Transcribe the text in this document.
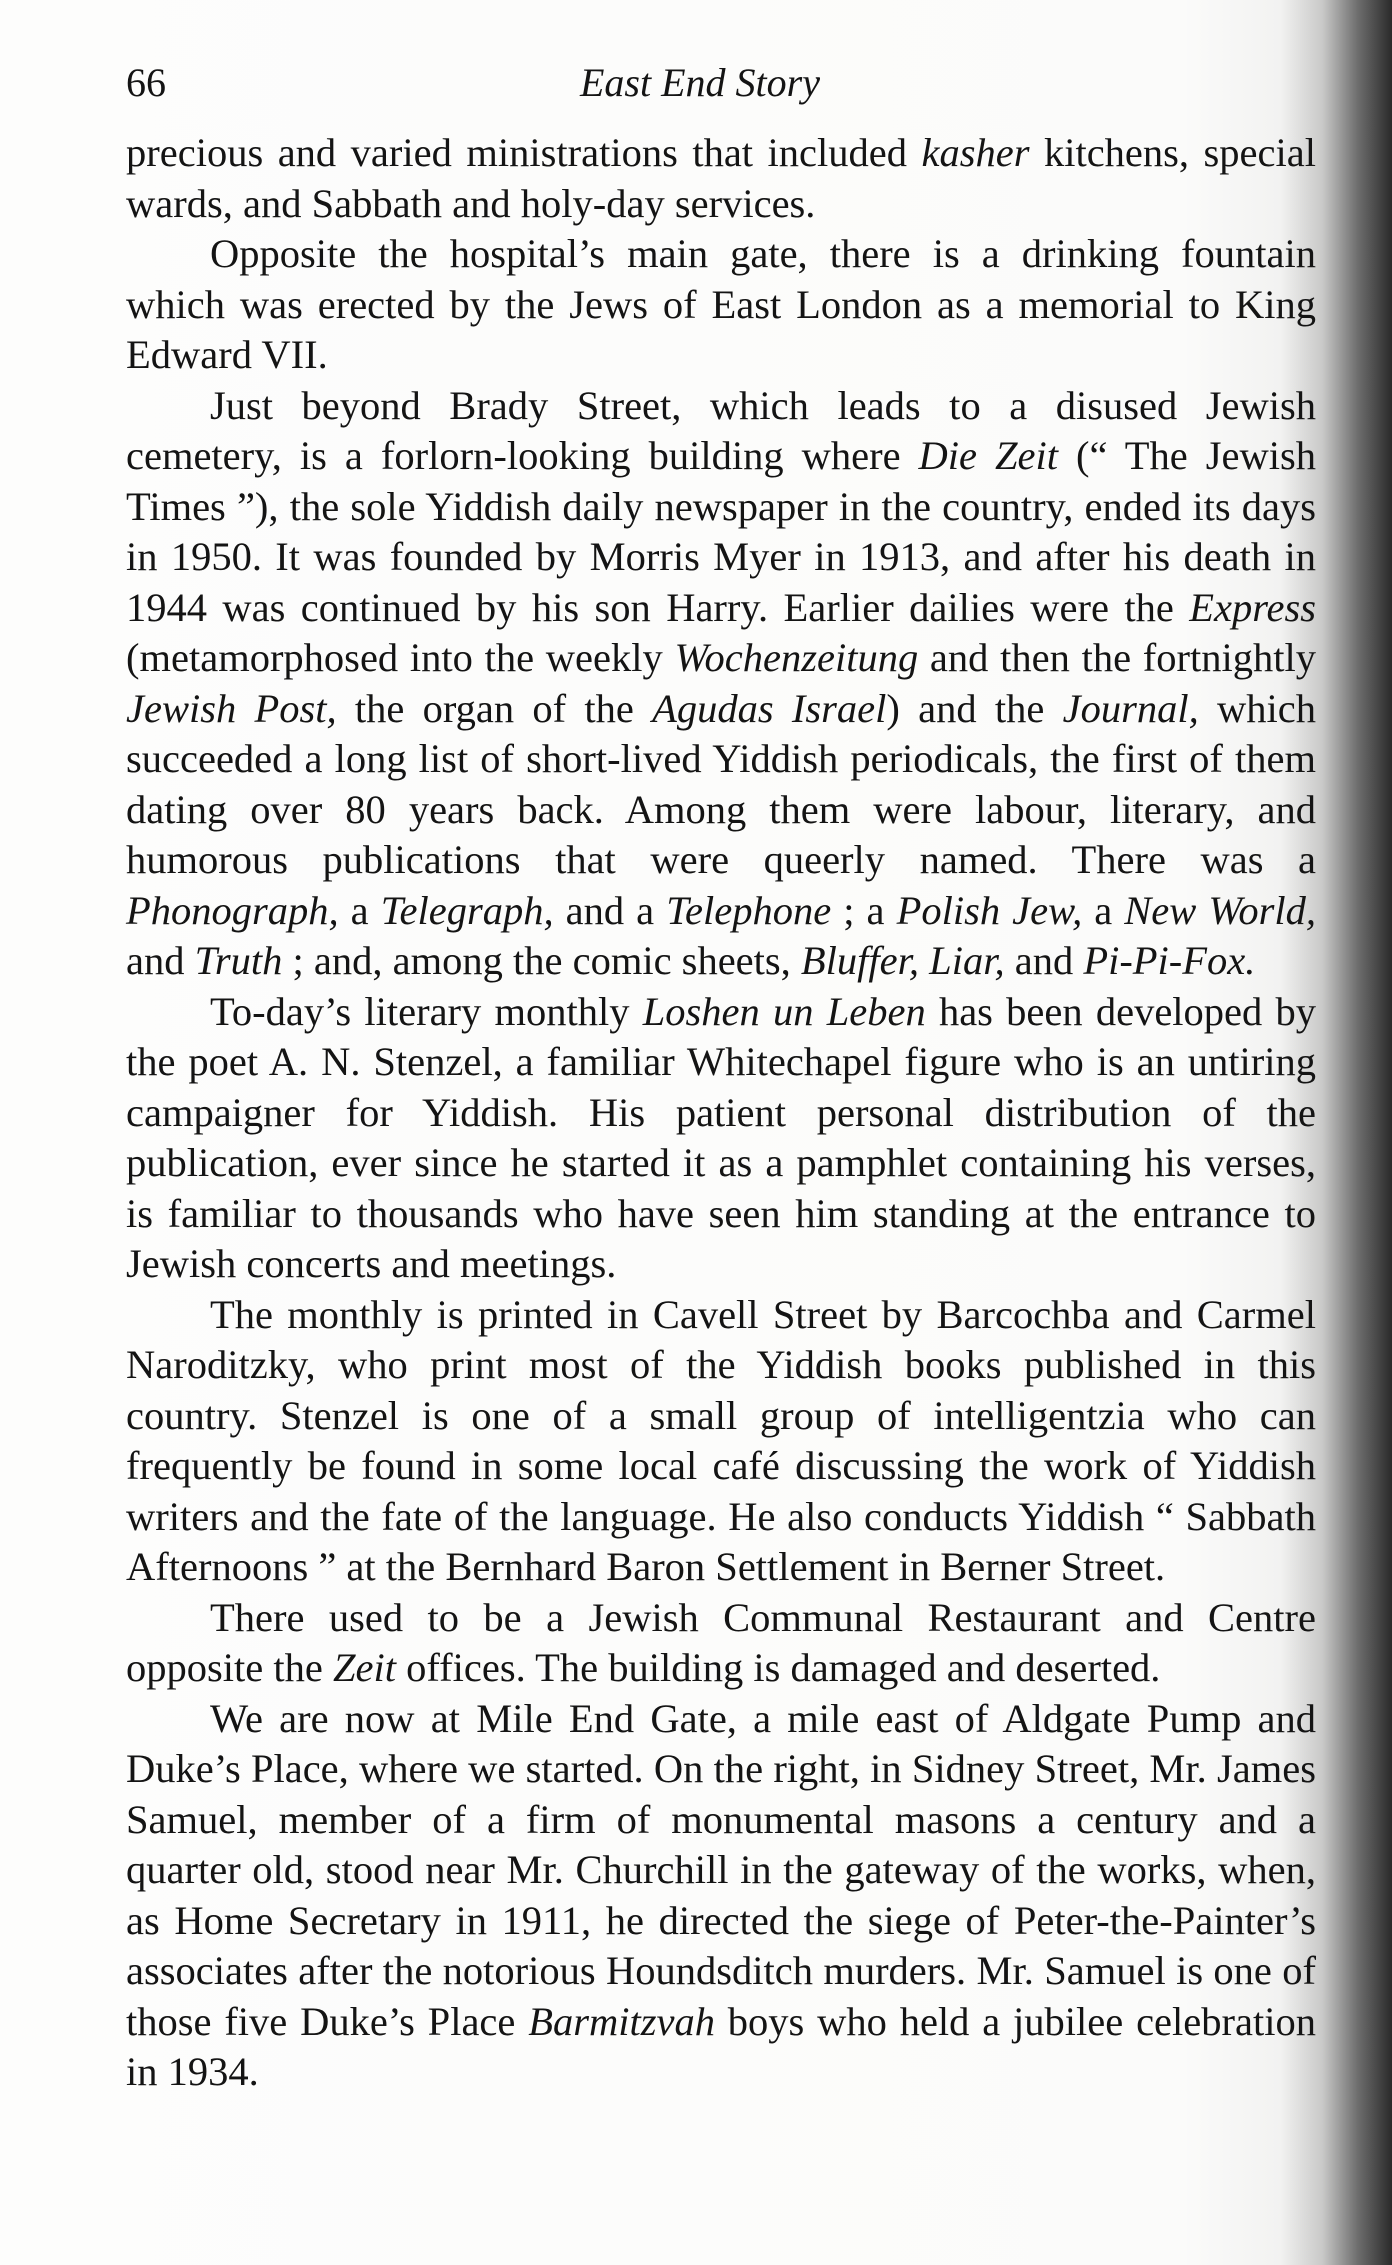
66	East End Story

precious and varied ministrations that included kasher kitchens, special wards, and Sabbath and holy-day services.

Opposite the hospital’s main gate, there is a drinking fountain which was erected by the Jews of East London as a memorial to King Edward VII.

Just beyond Brady Street, which leads to a disused Jewish cemetery, is a forlorn-looking building where Die Zeit (“ The Jewish Times ”), the sole Yiddish daily newspaper in the country, ended its days in 1950. It was founded by Morris Myer in 1913, and after his death in 1944 was continued by his son Harry. Earlier dailies were the Express (metamorphosed into the weekly Wochenzeitung and then the fortnightly Jewish Post, the organ of the Agudas Israel) and the Journal, which succeeded a long list of short-lived Yiddish periodicals, the first of them dating over 80 years back. Among them were labour, literary, and humorous publications that were queerly named. There was a Phonograph, a Telegraph, and a Telephone ; a Polish Jew, a New World, and Truth ; and, among the comic sheets, Bluffer, Liar, and Pi-Pi-Fox.

To-day’s literary monthly Loshen un Leben has been developed by the poet A. N. Stenzel, a familiar Whitechapel figure who is an untiring campaigner for Yiddish. His patient personal distribution of the publication, ever since he started it as a pamphlet containing his verses, is familiar to thousands who have seen him standing at the entrance to Jewish concerts and meetings.

The monthly is printed in Cavell Street by Barcochba and Carmel Naroditzky, who print most of the Yiddish books published in this country. Stenzel is one of a small group of intelligentzia who can frequently be found in some local café discussing the work of Yiddish writers and the fate of the language. He also conducts Yiddish “ Sabbath Afternoons ” at the Bernhard Baron Settlement in Berner Street.

There used to be a Jewish Communal Restaurant and Centre opposite the Zeit offices. The building is damaged and deserted.

We are now at Mile End Gate, a mile east of Aldgate Pump and Duke’s Place, where we started. On the right, in Sidney Street, Mr. James Samuel, member of a firm of monumental masons a century and a quarter old, stood near Mr. Churchill in the gateway of the works, when, as Home Secretary in 1911, he directed the siege of Peter-the-Painter’s associates after the notorious Houndsditch murders. Mr. Samuel is one of those five Duke’s Place Barmitzvah boys who held a jubilee celebration in 1934.
